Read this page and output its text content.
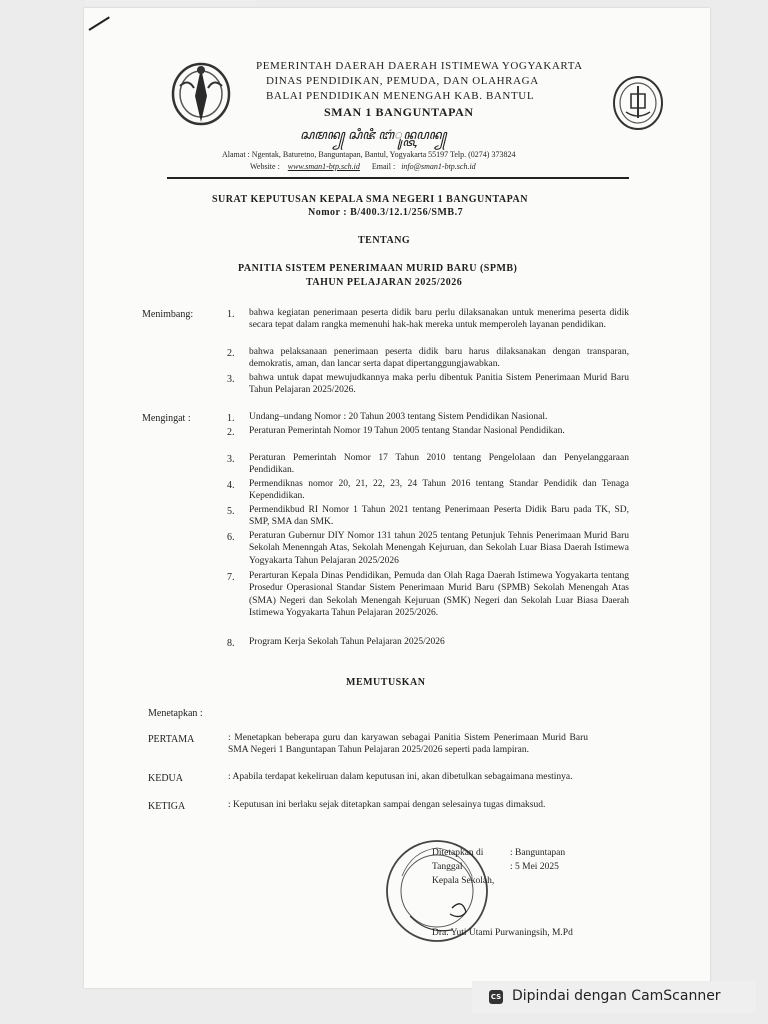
PEMERINTAH DAERAH DAERAH ISTIMEWA YOGYAKARTA
DINAS PENDIDIKAN, PEMUDA, DAN OLAHRAGA
BALAI PENDIDIKAN MENENGAH KAB. BANTUL
SMAN 1 BANGUNTAPAN
ꦱꦩꦤ꧀ ꦱꦶꦗꦶ ꦧꦁꦸꦤ꧀ꦠꦥꦤ꧀
Alamat : Ngentak, Baturetno, Banguntapan, Bantul, Yogyakarta 55197 Telp. (0274) 373824
Website : www.sman1-btp.sch.id Email : info@sman1-btp.sch.id
SURAT KEPUTUSAN KEPALA SMA NEGERI 1 BANGUNTAPAN
Nomor : B/400.3/12.1/256/SMB.7
TENTANG
PANITIA SISTEM PENERIMAAN MURID BARU (SPMB)
TAHUN PELAJARAN 2025/2026
Menimbang:	1. bahwa kegiatan penerimaan peserta didik baru perlu dilaksanakan untuk menerima peserta didik secara tepat dalam rangka memenuhi hak-hak mereka untuk memperoleh layanan pendidikan.
2. bahwa pelaksanaan penerimaan peserta didik baru harus dilaksanakan dengan transparan, demokratis, aman, dan lancar serta dapat dipertanggungjawabkan.
3. bahwa untuk dapat mewujudkannya maka perlu dibentuk Panitia Sistem Penerimaan Murid Baru Tahun Pelajaran 2025/2026.
Mengingat :	1. Undang–undang Nomor : 20 Tahun 2003 tentang Sistem Pendidikan Nasional.
2. Peraturan Pemerintah Nomor 19 Tahun 2005 tentang Standar Nasional Pendidikan.
3. Peraturan Pemerintah Nomor 17 Tahun 2010 tentang Pengelolaan dan Penyelanggaraan Pendidikan.
4. Permendiknas nomor 20, 21, 22, 23, 24 Tahun 2016 tentang Standar Pendidik dan Tenaga Kependidikan.
5. Permendikbud RI Nomor 1 Tahun 2021 tentang Penerimaan Peserta Didik Baru pada TK, SD, SMP, SMA dan SMK.
6. Peraturan Gubernur DIY Nomor 131 tahun 2025 tentang Petunjuk Tehnis Penerimaan Murid Baru Sekolah Menenngah Atas, Sekolah Menengah Kejuruan, dan Sekolah Luar Biasa Daerah Istimewa Yogyakarta Tahun Pelajaran 2025/2026
7. Perarturan Kepala Dinas Pendidikan, Pemuda dan Olah Raga Daerah Istimewa Yogyakarta tentang Prosedur Operasional Standar Sistem Penerimaan Murid Baru (SPMB) Sekolah Menengah Atas (SMA) Negeri dan Sekolah Menengah Kejuruan (SMK) Negeri dan Sekolah Luar Biasa Daerah Istimewa Yogyakarta Tahun Pelajaran 2025/2026.
8. Program Kerja Sekolah Tahun Pelajaran 2025/2026
MEMUTUSKAN
Menetapkan :
PERTAMA	: Menetapkan beberapa guru dan karyawan sebagai Panitia Sistem Penerimaan Murid Baru SMA Negeri 1 Banguntapan Tahun Pelajaran 2025/2026 seperti pada lampiran.
KEDUA	: Apabila terdapat kekeliruan dalam keputusan ini, akan dibetulkan sebagaimana mestinya.
KETIGA	: Keputusan ini berlaku sejak ditetapkan sampai dengan selesainya tugas dimaksud.
Ditetapkan di	: Banguntapan
Tanggal	: 5 Mei 2025
Kepala Sekolah,
Dra. Yuti Utami Purwaningsih, M.Pd
CS Dipindai dengan CamScanner
